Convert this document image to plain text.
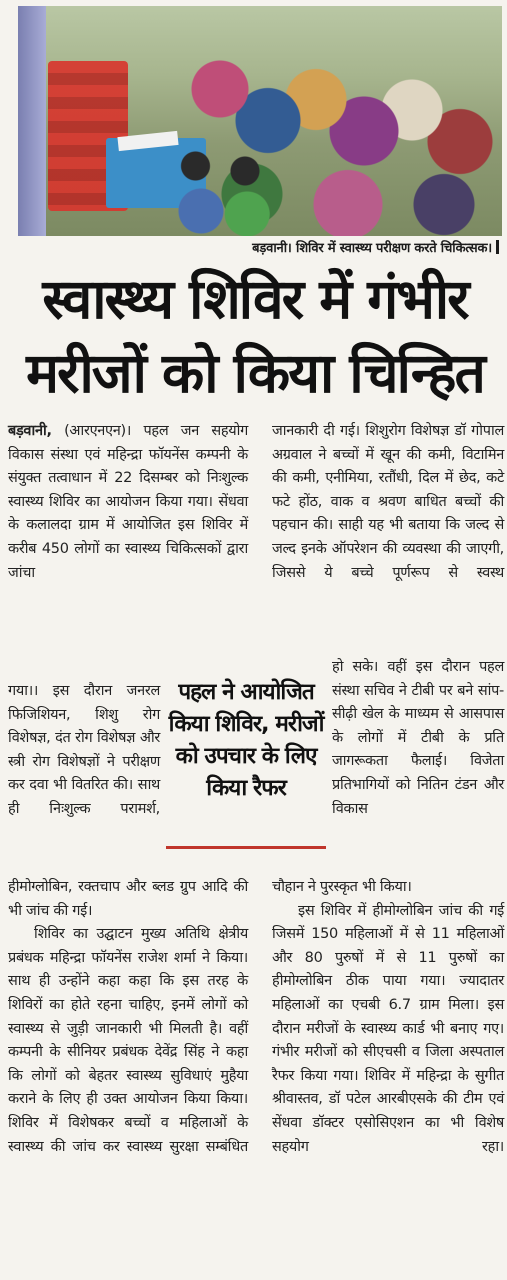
बड़वानी। शिविर में स्वास्थ्य परीक्षण करते चिकित्सक।
स्वास्थ्य शिविर में गंभीर
मरीजों को किया चिन्हित

बड़वानी, (आरएनएन)। पहल जन सहयोग विकास संस्था एवं महिन्द्रा फॉयनेंस कम्पनी के संयुक्त तत्वाधान में 22 दिसम्बर को निःशुल्क स्वास्थ्य शिविर का आयोजन किया गया। सेंधवा के कलालदा ग्राम में आयोजित इस शिविर में करीब 450 लोगों का स्वास्थ्य चिकित्सकों द्वारा जांचा

गया।। इस दौरान जनरल फिजिशियन, शिशु रोग विशेषज्ञ, दंत रोग विशेषज्ञ और स्त्री रोग विशेषज्ञों ने परीक्षण कर दवा भी वितरित की। साथ ही निःशुल्क परामर्श,

पहल ने आयोजित किया शिविर, मरीजों को उपचार के लिए किया रैफर

हीमोग्लोबिन, रक्तचाप और ब्लड ग्रुप आदि की भी जांच की गई।

शिविर का उद्घाटन मुख्य अतिथि क्षेत्रीय प्रबंधक महिन्द्रा फॉयनेंस राजेश शर्मा ने किया। साथ ही उन्होंने कहा कहा कि इस तरह के शिविरों का होते रहना चाहिए, इनमें लोगों को स्वास्थ्य से जुड़ी जानकारी भी मिलती है। वहीं कम्पनी के सीनियर प्रबंधक देवेंद्र सिंह ने कहा कि लोगों को बेहतर स्वास्थ्य सुविधाएं मुहैया कराने के लिए ही उक्त आयोजन किया किया। शिविर में विशेषकर बच्चों व महिलाओं के स्वास्थ्य की जांच कर स्वास्थ्य सुरक्षा सम्बंधित

जानकारी दी गई। शिशुरोग विशेषज्ञ डॉ गोपाल अग्रवाल ने बच्चों में खून की कमी, विटामिन की कमी, एनीमिया, रतौंधी, दिल में छेद, कटे फटे होंठ, वाक व श्रवण बाधित बच्चों की पहचान की। साही यह भी बताया कि जल्द से जल्द इनके ऑपरेशन की व्यवस्था की जाएगी, जिससे ये बच्चे पूर्णरूप से स्वस्थ

हो सके। वहीं इस दौरान पहल संस्था सचिव ने टीबी पर बने सांप-सीढ़ी खेल के माध्यम से आसपास के लोगों में टीबी के प्रति जागरूकता फैलाई। विजेता प्रतिभागियों को नितिन टंडन और विकास

चौहान ने पुरस्कृत भी किया।

इस शिविर में हीमोग्लोबिन जांच की गई जिसमें 150 महिलाओं में से 11 महिलाओं और 80 पुरुषों में से 11 पुरुषों का हीमोग्लोबिन ठीक पाया गया। ज्यादातर महिलाओं का एचबी 6.7 ग्राम मिला। इस दौरान मरीजों के स्वास्थ्य कार्ड भी बनाए गए। गंभीर मरीजों को सीएचसी व जिला अस्पताल रैफर किया गया। शिविर में महिन्द्रा के सुगीत श्रीवास्तव, डॉ पटेल आरबीएसके की टीम एवं सेंधवा डॉक्टर एसोसिएशन का भी विशेष सहयोग रहा।
